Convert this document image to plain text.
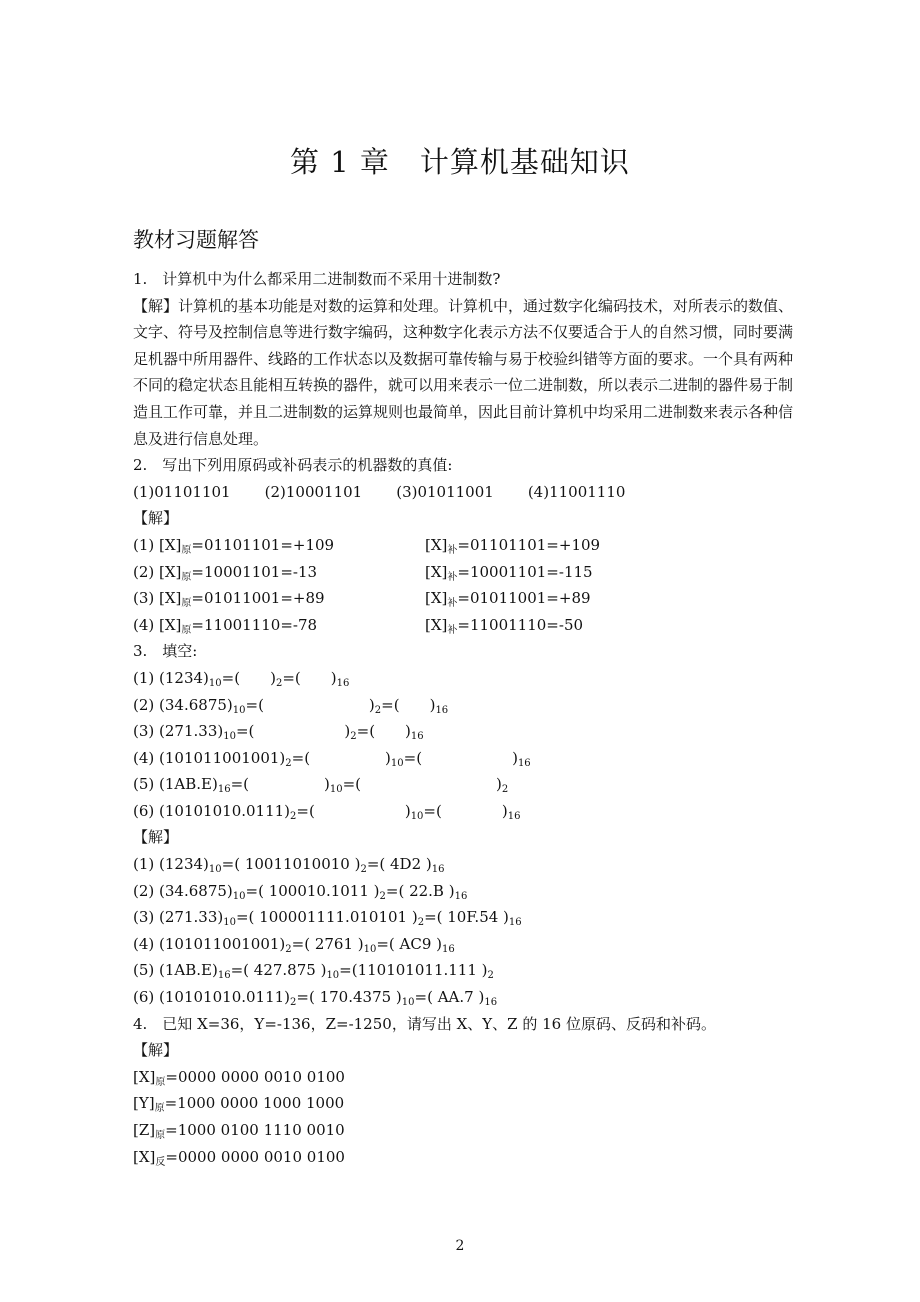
第 1 章　计算机基础知识
教材习题解答
1.　计算机中为什么都采用二进制数而不采用十进制数?
【解】计算机的基本功能是对数的运算和处理。计算机中，通过数字化编码技术，对所表示的数值、文字、符号及控制信息等进行数字编码，这种数字化表示方法不仅要适合于人的自然习惯，同时要满足机器中所用器件、线路的工作状态以及数据可靠传输与易于校验纠错等方面的要求。一个具有两种不同的稳定状态且能相互转换的器件，就可以用来表示一位二进制数，所以表示二进制的器件易于制造且工作可靠，并且二进制数的运算规则也最简单，因此目前计算机中均采用二进制数来表示各种信息及进行信息处理。
2.　写出下列用原码或补码表示的机器数的真值:
(1)01101101 (2)10001101 (3)01011001 (4)11001110
【解】
(1) $[X]_原=01101101=+109$	$[X]_补=01101101=+109$
(2) $[X]_原=10001101=-13$	$[X]_补=10001101=-115$
(3) $[X]_原=01011001=+89$	$[X]_补=01011001=+89$
(4) $[X]_原=11001110=-78$	$[X]_补=11001110=-50$
3.　填空:
(1) $(1234)_{10}=$(　　)$_2=$(　　)$_{16}$
(2) $(34.6875)_{10}=$(　　　　　　　)$_2=$(　　)$_{16}$
(3) $(271.33)_{10}=$(　　　　　　)$_2=$(　　)$_{16}$
(4) $(101011001001)_2=$(　　　　　)$_{10}=$(　　　　　　)$_{16}$
(5) $(1AB.E)_{16}=$(　　　　　)$_{10}=$(　　　　　　　　　)$_2$
(6) $(10101010.0111)_2=$(　　　　　　)$_{10}=$(　　　　)$_{16}$
【解】
(1) $(1234)_{10}=$( 10011010010 )$_2=$( 4D2 )$_{16}$
(2) $(34.6875)_{10}=$( 100010.1011 )$_2=$( 22.B )$_{16}$
(3) $(271.33)_{10}=$( 100001111.010101 )$_2=$( 10F.54 )$_{16}$
(4) $(101011001001)_2=$( 2761 )$_{10}=$( AC9 )$_{16}$
(5) $(1AB.E)_{16}=$( 427.875 )$_{10}=(110101011.111$ )$_2$
(6) $(10101010.0111)_2=$( 170.4375 )$_{10}=$( AA.7 )$_{16}$
4.　已知 X=36，Y=-136，Z=-1250，请写出 X、Y、Z 的 16 位原码、反码和补码。
【解】
$[X]_原=0000$ 0000 0010 0100
$[Y]_原=1000$ 0000 1000 1000
$[Z]_原=1000$ 0100 1110 0010
$[X]_反=0000$ 0000 0010 0100
2
